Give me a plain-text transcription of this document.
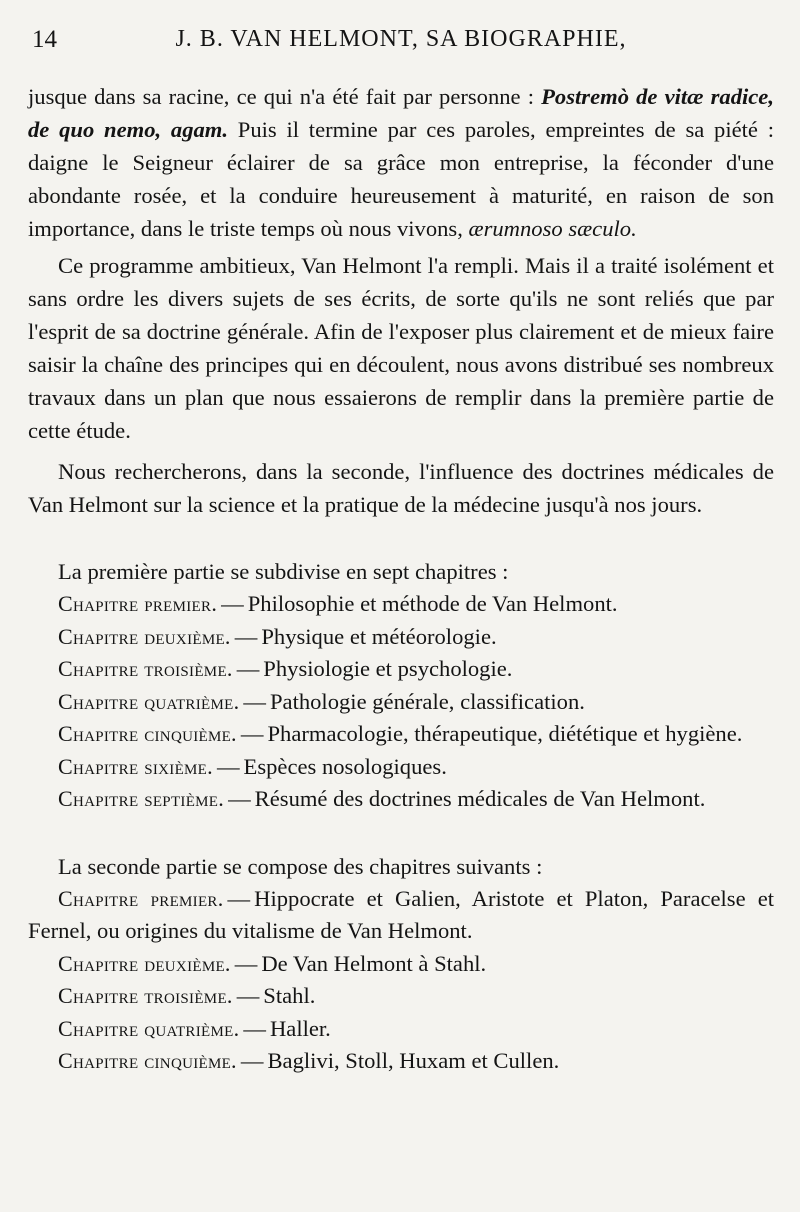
14	J. B. VAN HELMONT, SA BIOGRAPHIE,

jusque dans sa racine, ce qui n'a été fait par personne : Postremò de vitæ radice, de quo nemo, agam. Puis il termine par ces paroles, empreintes de sa piété : daigne le Seigneur éclairer de sa grâce mon entreprise, la féconder d'une abondante rosée, et la conduire heureusement à maturité, en raison de son importance, dans le triste temps où nous vivons, ærumnoso sæculo.

Ce programme ambitieux, Van Helmont l'a rempli. Mais il a traité isolément et sans ordre les divers sujets de ses écrits, de sorte qu'ils ne sont reliés que par l'esprit de sa doctrine générale. Afin de l'exposer plus clairement et de mieux faire saisir la chaîne des principes qui en découlent, nous avons distribué ses nombreux travaux dans un plan que nous essaierons de remplir dans la première partie de cette étude.

Nous rechercherons, dans la seconde, l'influence des doctrines médicales de Van Helmont sur la science et la pratique de la médecine jusqu'à nos jours.

La première partie se subdivise en sept chapitres :

Chapitre premier. — Philosophie et méthode de Van Helmont.
Chapitre deuxième. — Physique et météorologie.
Chapitre troisième. — Physiologie et psychologie.
Chapitre quatrième. — Pathologie générale, classification.
Chapitre cinquième. — Pharmacologie, thérapeutique, diététique et hygiène.
Chapitre sixième. — Espèces nosologiques.
Chapitre septième. — Résumé des doctrines médicales de Van Helmont.

La seconde partie se compose des chapitres suivants :

Chapitre premier. — Hippocrate et Galien, Aristote et Platon, Paracelse et Fernel, ou origines du vitalisme de Van Helmont.
Chapitre deuxième. — De Van Helmont à Stahl.
Chapitre troisième. — Stahl.
Chapitre quatrième. — Haller.
Chapitre cinquième. — Baglivi, Stoll, Huxam et Cullen.
